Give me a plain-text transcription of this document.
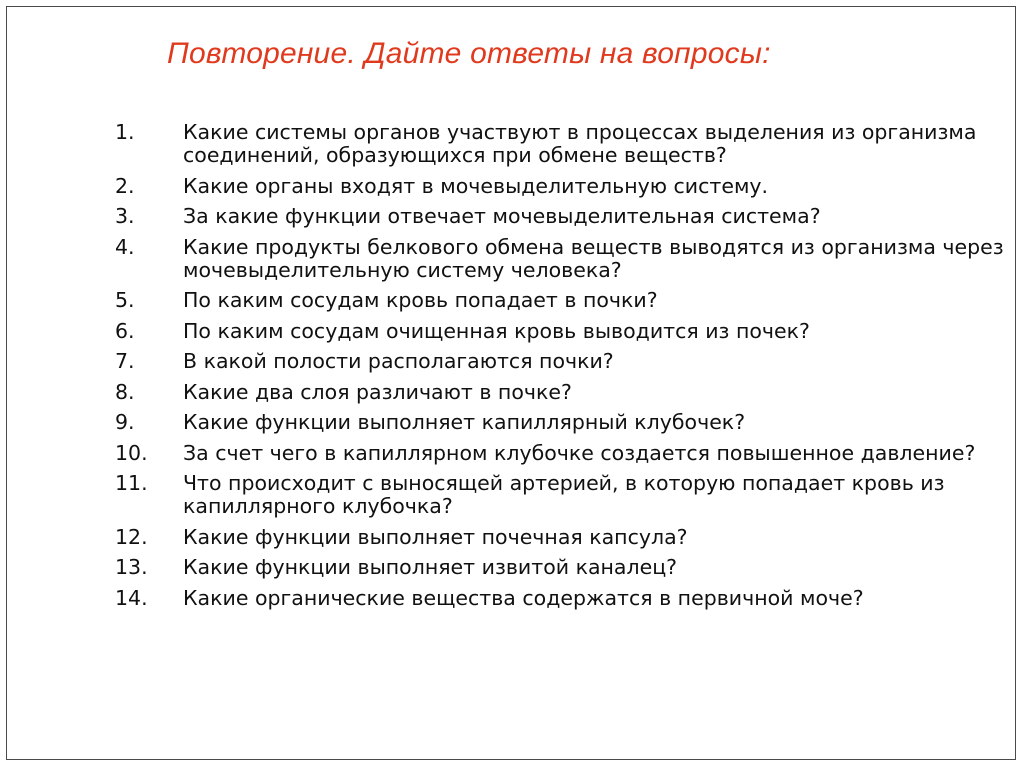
Повторение. Дайте ответы на вопросы:
1.	Какие системы органов участвуют в процессах выделения из организма соединений, образующихся при обмене веществ?
2.	Какие органы входят в мочевыделительную систему.
3.	За какие функции отвечает мочевыделительная система?
4.	Какие продукты белкового обмена веществ выводятся из организма через мочевыделительную систему человека?
5.	По каким сосудам кровь попадает в почки?
6.	По каким сосудам очищенная кровь выводится из почек?
7.	В какой полости располагаются почки?
8.	Какие два слоя различают в почке?
9.	Какие функции выполняет капиллярный клубочек?
10.	За счет чего в капиллярном клубочке создается повышенное давление?
11.	Что происходит с выносящей артерией, в которую попадает кровь из капиллярного клубочка?
12.	Какие функции выполняет почечная капсула?
13.	Какие функции выполняет извитой каналец?
14.	Какие органические вещества содержатся в первичной моче?
